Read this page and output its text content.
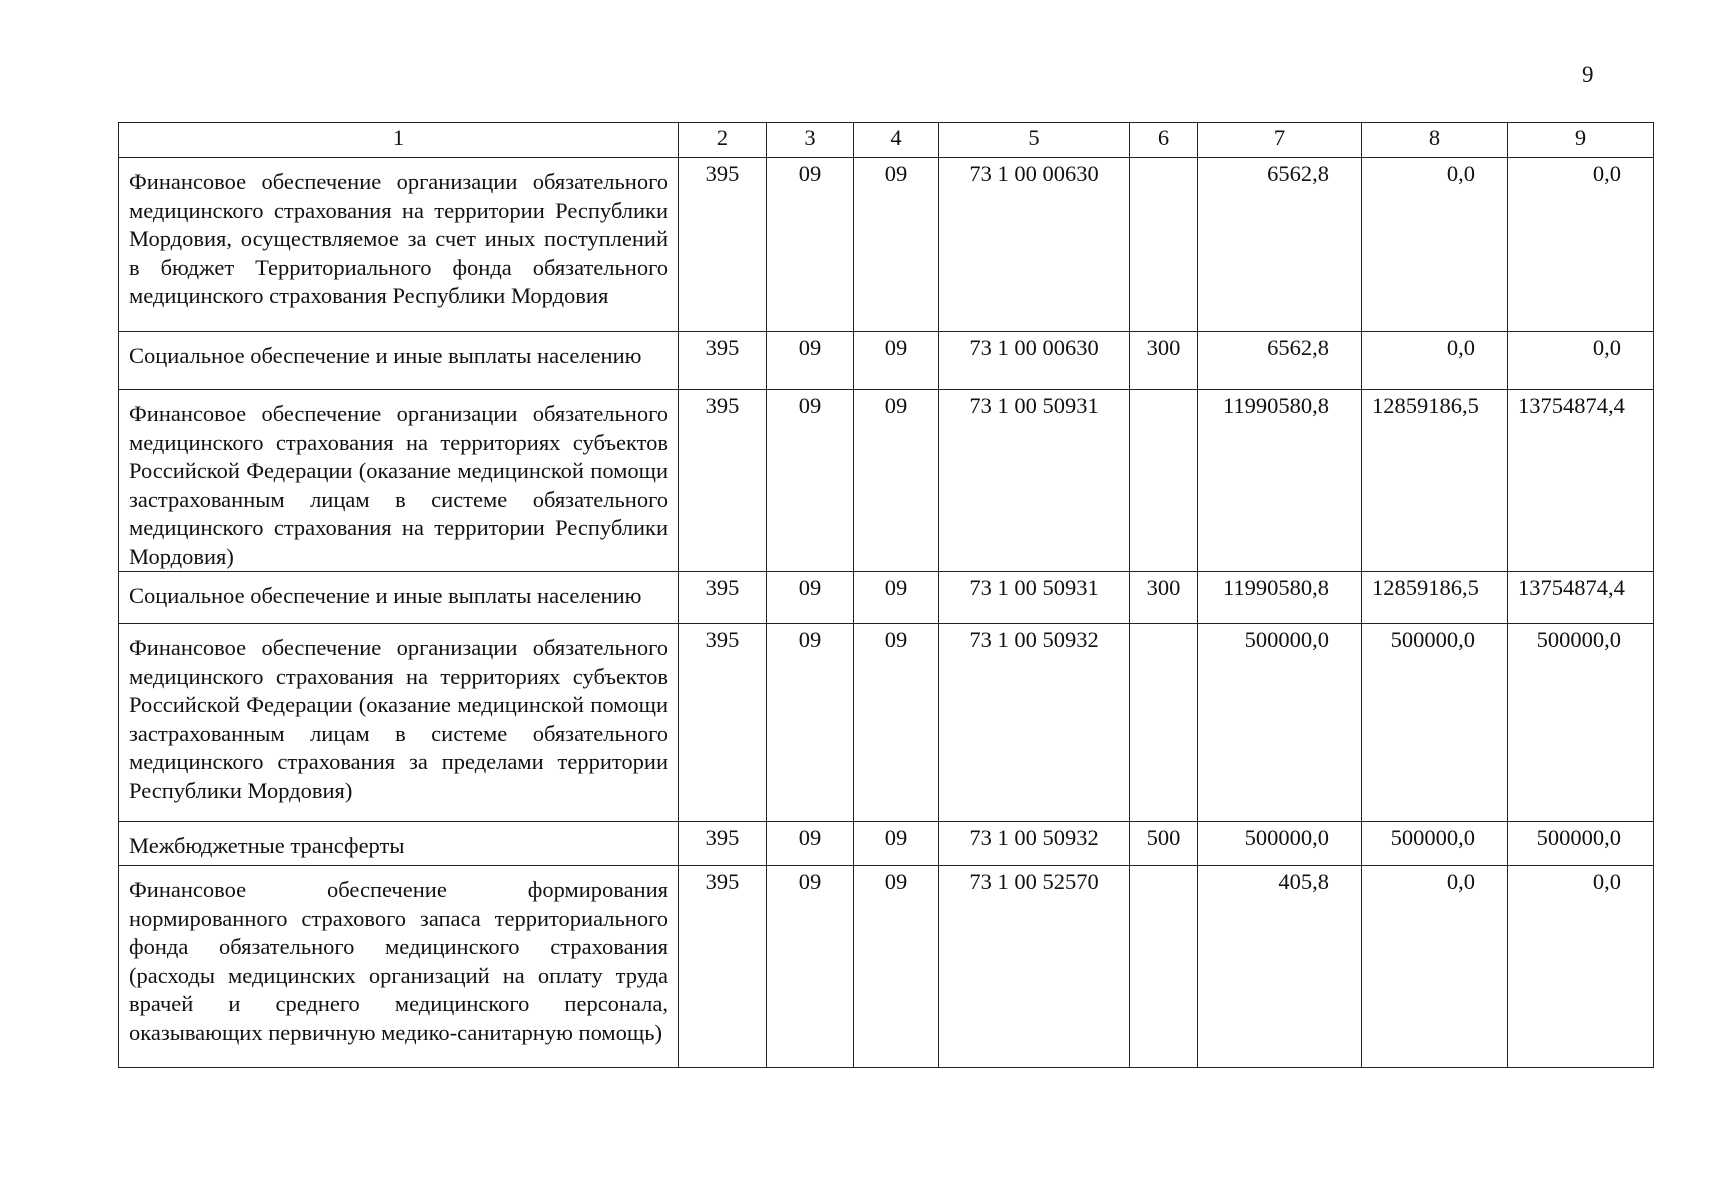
9
1	2	3	4	5	6	7	8	9
Финансовое обеспечение организации обязательного медицинского страхования на территории Республики Мордовия, осуществляемое за счет иных поступлений в бюджет Территориального фонда обязательного медицинского страхования Республики Мордовия	395	09	09	73 1 00 00630		6562,8	0,0	0,0
Социальное обеспечение и иные выплаты населению	395	09	09	73 1 00 00630	300	6562,8	0,0	0,0
Финансовое обеспечение организации обязательного медицинского страхования на территориях субъектов Российской Федерации (оказание медицинской помощи застрахованным лицам в системе обязательного медицинского страхования на территории Республики Мордовия)	395	09	09	73 1 00 50931		11990580,8	12859186,5	13754874,4
Социальное обеспечение и иные выплаты населению	395	09	09	73 1 00 50931	300	11990580,8	12859186,5	13754874,4
Финансовое обеспечение организации обязательного медицинского страхования на территориях субъектов Российской Федерации (оказание медицинской помощи застрахованным лицам в системе обязательного медицинского страхования за пределами территории Республики Мордовия)	395	09	09	73 1 00 50932		500000,0	500000,0	500000,0
Межбюджетные трансферты	395	09	09	73 1 00 50932	500	500000,0	500000,0	500000,0
Финансовое обеспечение формирования нормированного страхового запаса территориального фонда обязательного медицинского страхования (расходы медицинских организаций на оплату труда врачей и среднего медицинского персонала, оказывающих первичную медико-санитарную помощь)	395	09	09	73 1 00 52570		405,8	0,0	0,0
